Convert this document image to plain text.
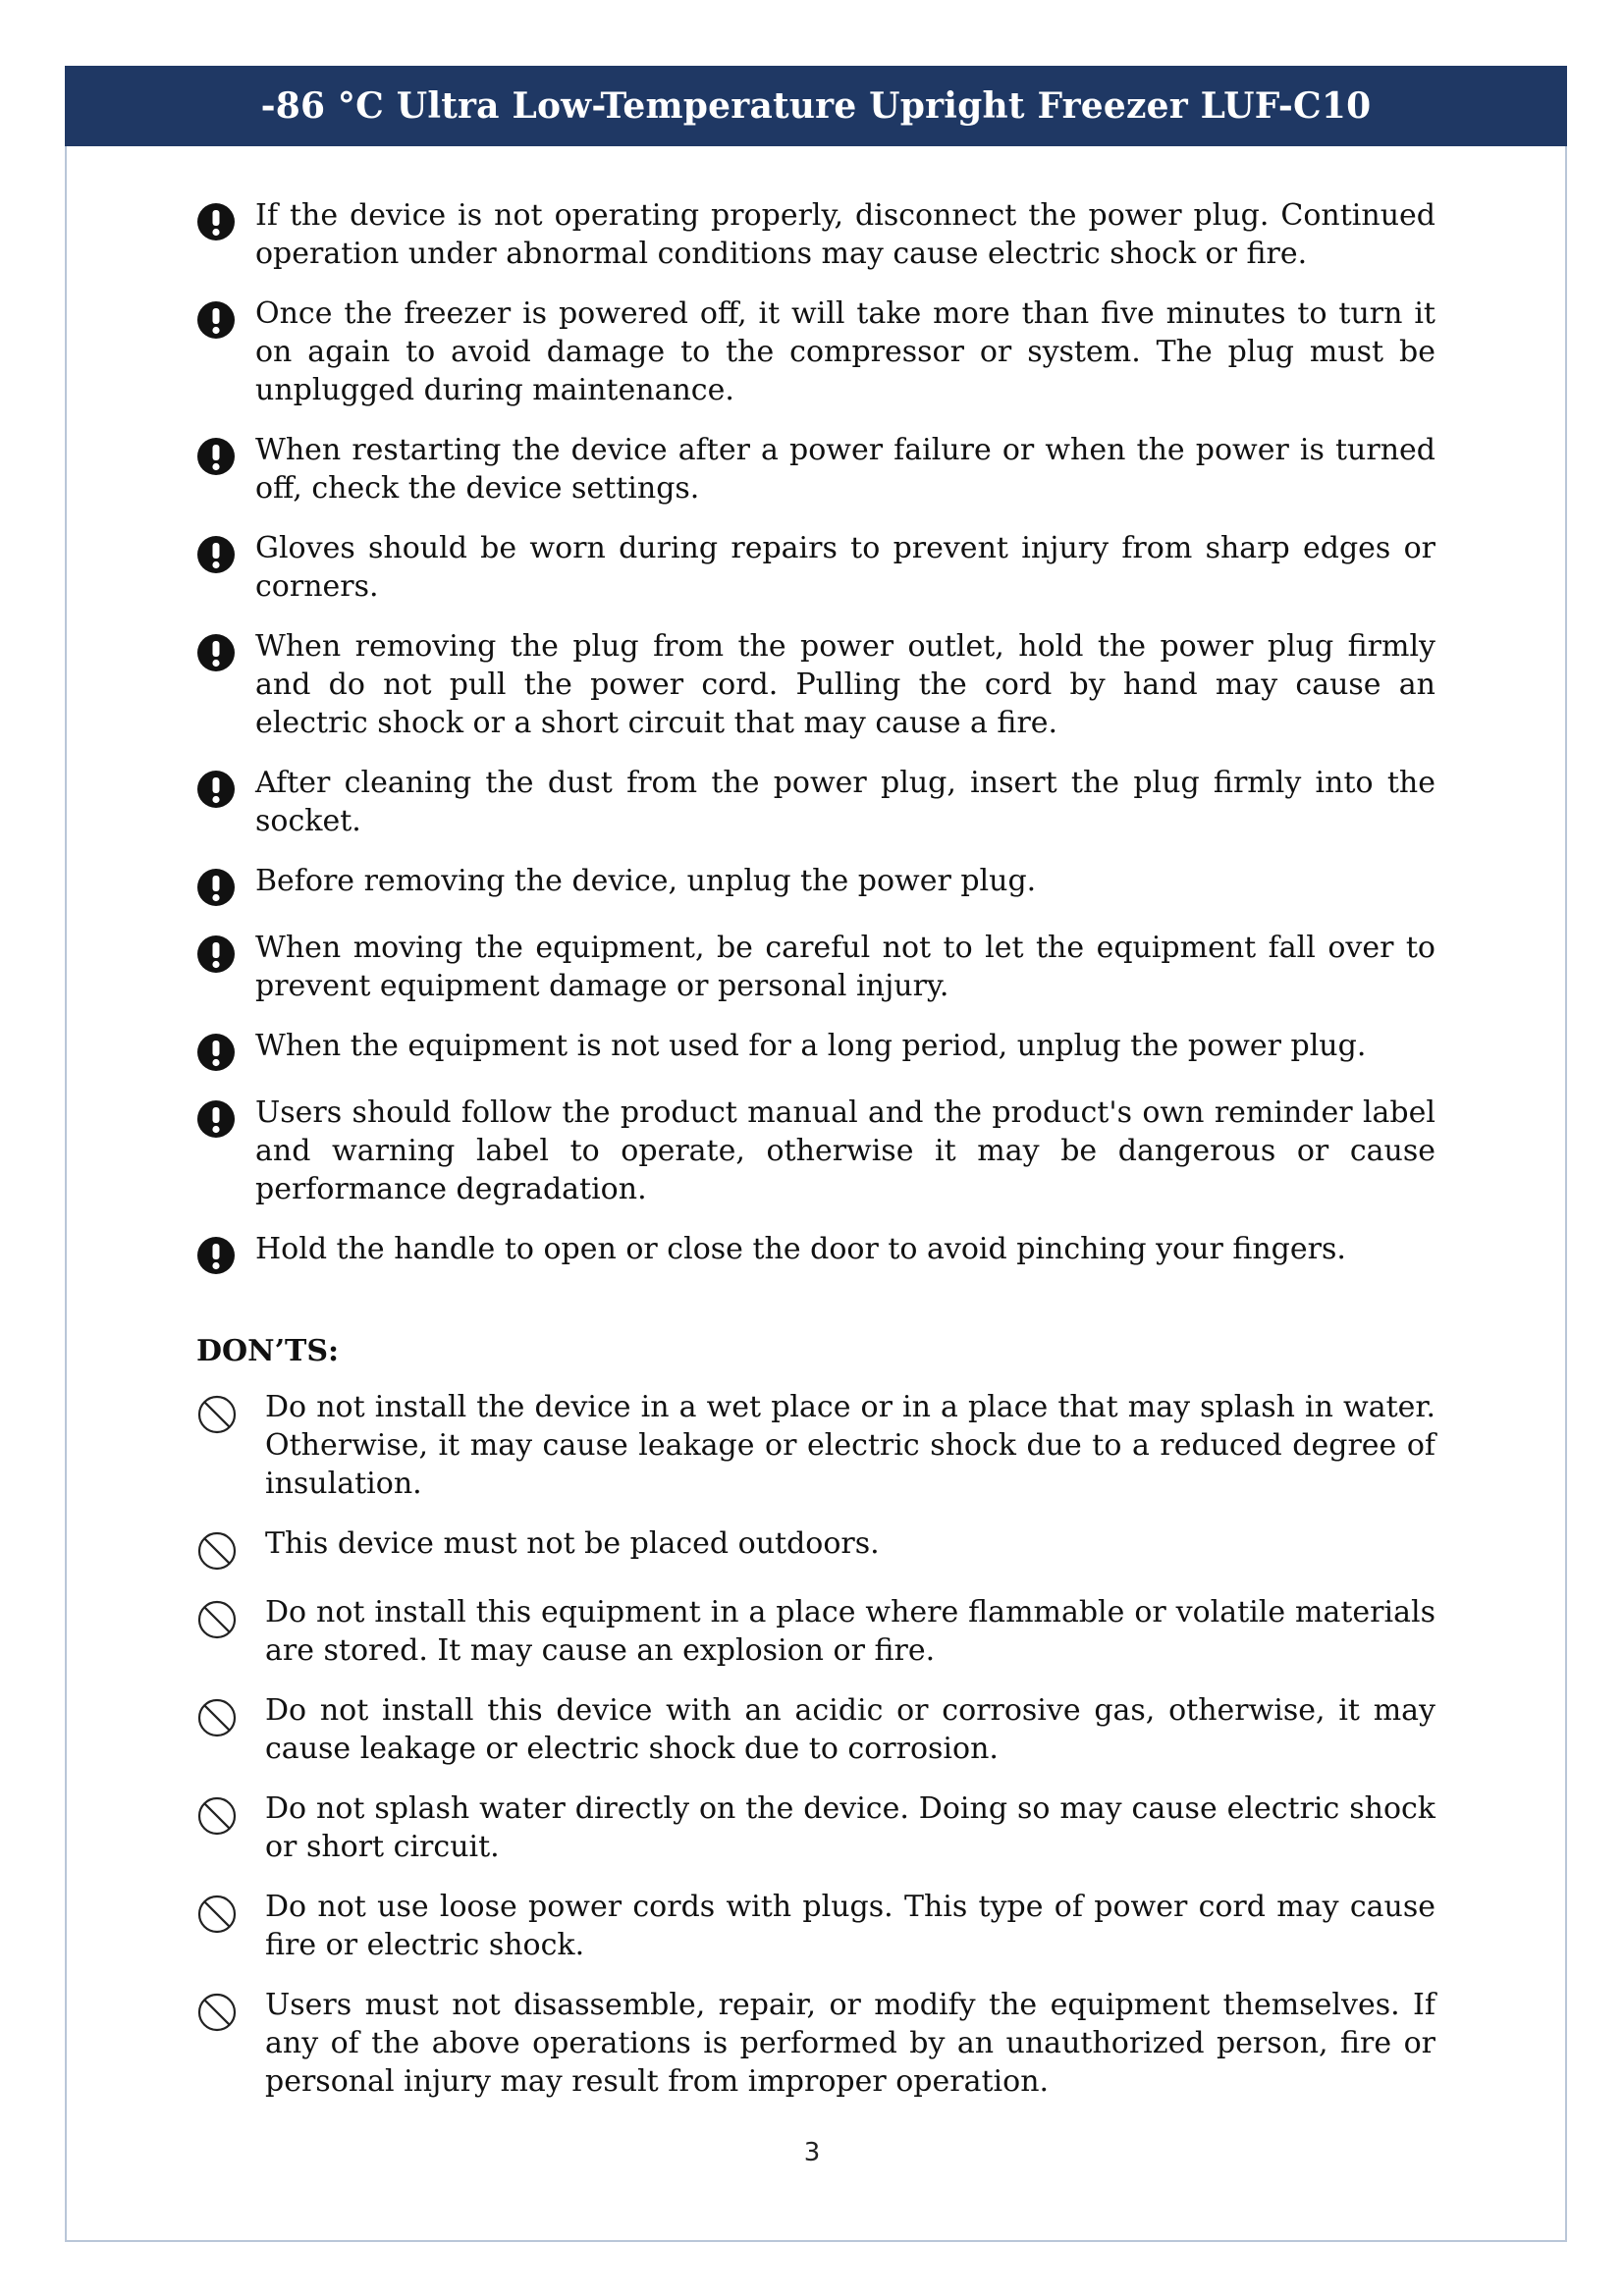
-86 °C Ultra Low-Temperature Upright Freezer LUF-C10
If the device is not operating properly, disconnect the power plug. Continued operation under abnormal conditions may cause electric shock or fire.
Once the freezer is powered off, it will take more than five minutes to turn it on again to avoid damage to the compressor or system. The plug must be unplugged during maintenance.
When restarting the device after a power failure or when the power is turned off, check the device settings.
Gloves should be worn during repairs to prevent injury from sharp edges or corners.
When removing the plug from the power outlet, hold the power plug firmly and do not pull the power cord. Pulling the cord by hand may cause an electric shock or a short circuit that may cause a fire.
After cleaning the dust from the power plug, insert the plug firmly into the socket.
Before removing the device, unplug the power plug.
When moving the equipment, be careful not to let the equipment fall over to prevent equipment damage or personal injury.
When the equipment is not used for a long period, unplug the power plug.
Users should follow the product manual and the product's own reminder label and warning label to operate, otherwise it may be dangerous or cause performance degradation.
Hold the handle to open or close the door to avoid pinching your fingers.
DON’TS:
Do not install the device in a wet place or in a place that may splash in water. Otherwise, it may cause leakage or electric shock due to a reduced degree of insulation.
This device must not be placed outdoors.
Do not install this equipment in a place where flammable or volatile materials are stored. It may cause an explosion or fire.
Do not install this device with an acidic or corrosive gas, otherwise, it may cause leakage or electric shock due to corrosion.
Do not splash water directly on the device. Doing so may cause electric shock or short circuit.
Do not use loose power cords with plugs. This type of power cord may cause fire or electric shock.
Users must not disassemble, repair, or modify the equipment themselves. If any of the above operations is performed by an unauthorized person, fire or personal injury may result from improper operation.
3
